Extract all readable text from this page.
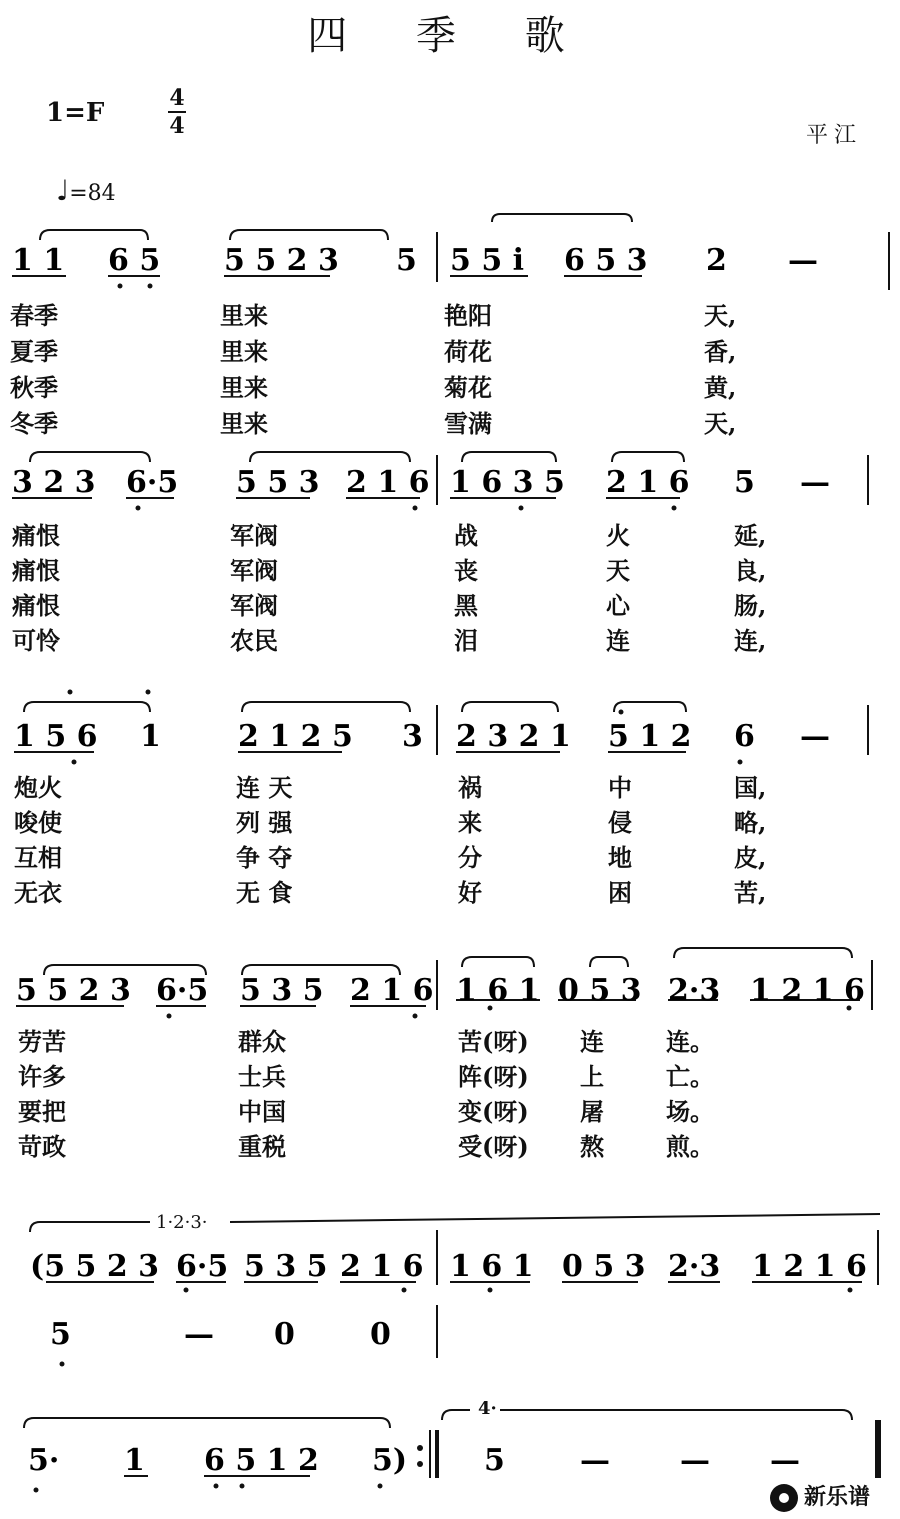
四 季 歌
1=F	4
4	平江
♩=84
1 1 6 5 5 5 2 3 5 5 5 i 6 5 3 2 —
3 2 3 6·5 5 5 3 2 1 6 1 6 3 5 2 1 6 5 —
1 5 6 1	2 1 2 5 3 2 3 2 1 5 1 2 6 —
5 5 2 3 6·5 5 3 5 2 1 6 1 6 1 0 5 3 2·3 1 2 1 6
(5 5 2 3 6·5 5 3 5 2 1 6 1 6 1 0 5 3 2·3 1 2 1 6
5	— 0	0
5· 1 6 5 1 2 5)	5	— — —
春季	里来	艳阳	天,
夏季	里来	荷花	香,
秋季	里来	菊花	黄,
冬季	里来	雪满	天,
痛恨	军阀	战	火	延,
痛恨	军阀	丧	天	良,
痛恨	军阀	黑	心	肠,
可怜	农民	泪	连	连,
炮火	连 天	祸	中	国,
唆使	列 强	来	侵	略,
互相	争 夺	分	地	皮,
无衣	无 食	好	困	苦,
劳苦	群众	苦(呀) 连	连。
许多	士兵	阵(呀) 上	亡。
要把	中国	变(呀) 屠	场。
苛政	重税	受(呀) 熬	煎。
1·2·3·
4·
新乐谱
